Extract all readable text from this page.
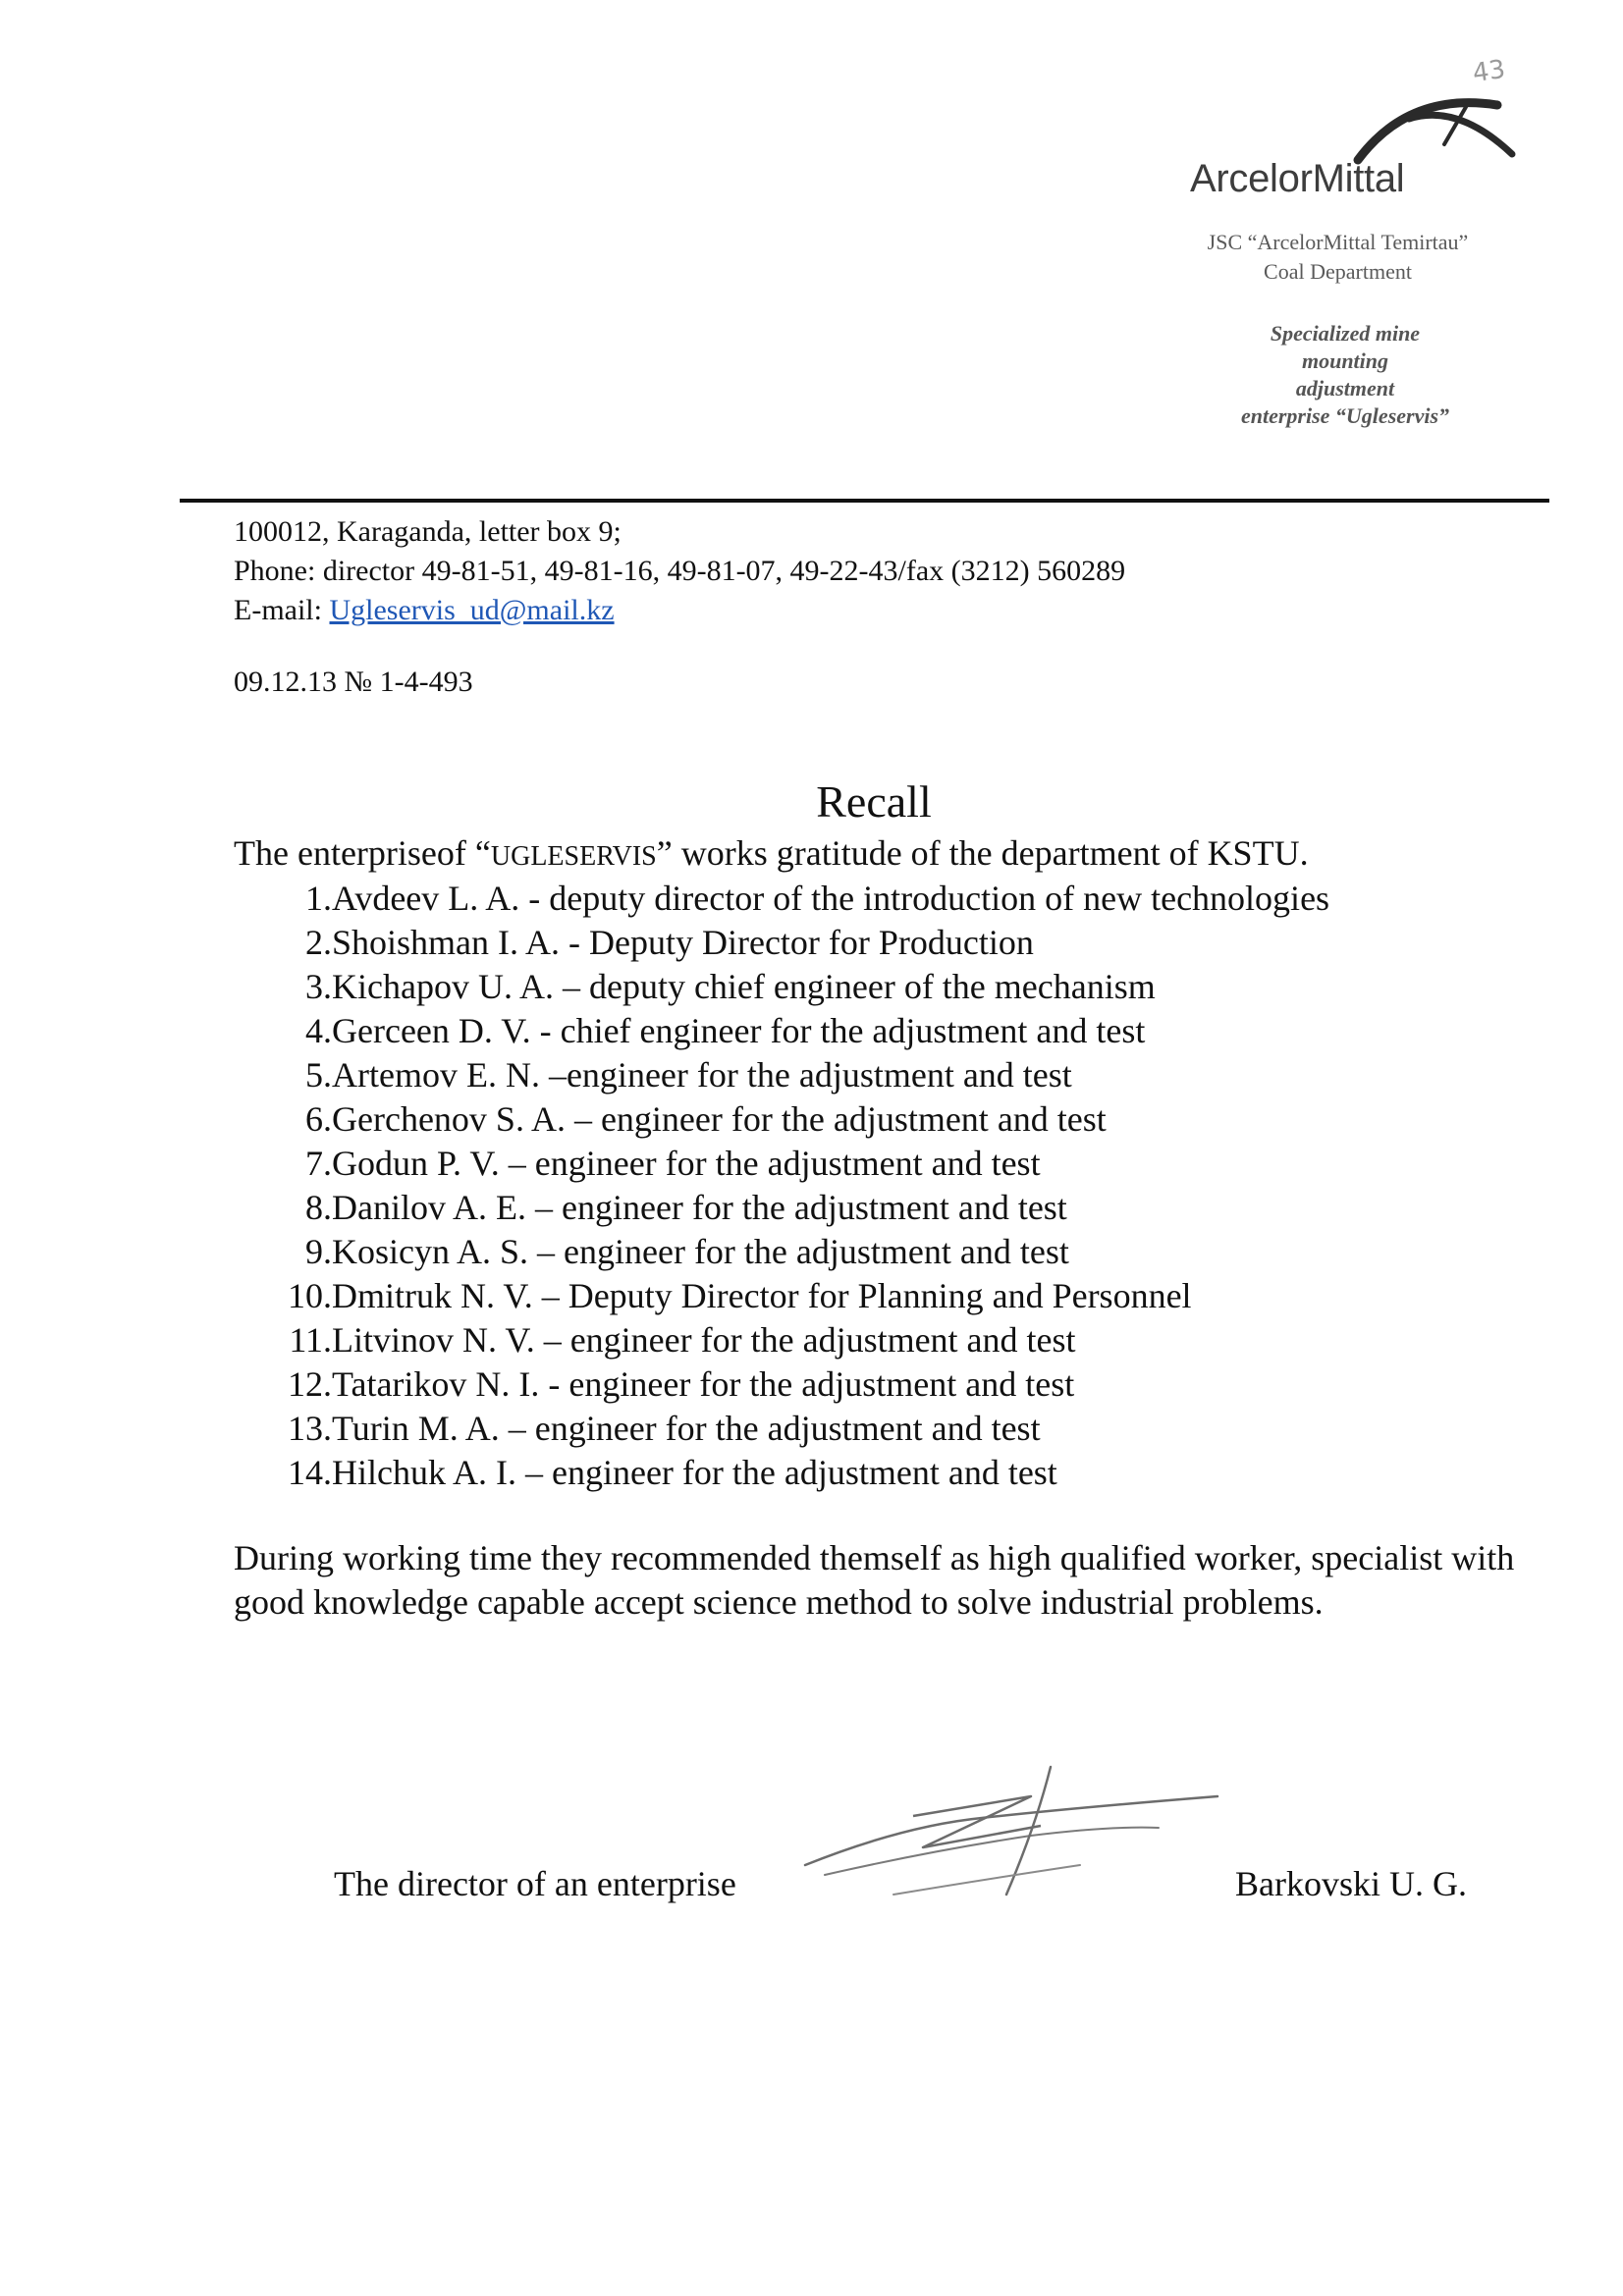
43
ArcelorMittal
JSC “ArcelorMittal Temirtau”
Coal Department
Specialized mine
mounting
adjustment
enterprise “Ugleservis”
100012, Karaganda, letter box 9;
Phone: director 49-81-51, 49-81-16, 49-81-07, 49-22-43/fax (3212) 560289
E-mail: Ugleservis_ud@mail.kz
09.12.13 № 1-4-493
Recall
The enterpriseof “UGLESERVIS” works gratitude of the department of KSTU.
1.Avdeev L. A. - deputy director of the introduction of new technologies
2.Shoishman I. A. - Deputy Director for Production
3.Kichapov U. A. – deputy chief engineer of the mechanism
4.Gerceen D. V. - chief engineer for the adjustment and test
5.Artemov E. N. –engineer for the adjustment and test
6.Gerchenov S. A. – engineer for the adjustment and test
7.Godun P. V. – engineer for the adjustment and test
8.Danilov A. E. – engineer for the adjustment and test
9.Kosicyn A. S. – engineer for the adjustment and test
10.Dmitruk N. V. – Deputy Director for Planning and Personnel
11.Litvinov N. V. – engineer for the adjustment and test
12.Tatarikov N. I. - engineer for the adjustment and test
13.Turin M. A. – engineer for the adjustment and test
14.Hilchuk A. I. – engineer for the adjustment and test
During working time they recommended themself as high qualified worker, specialist with good knowledge capable accept science method to solve industrial problems.
The director of an enterprise	Barkovski U. G.
